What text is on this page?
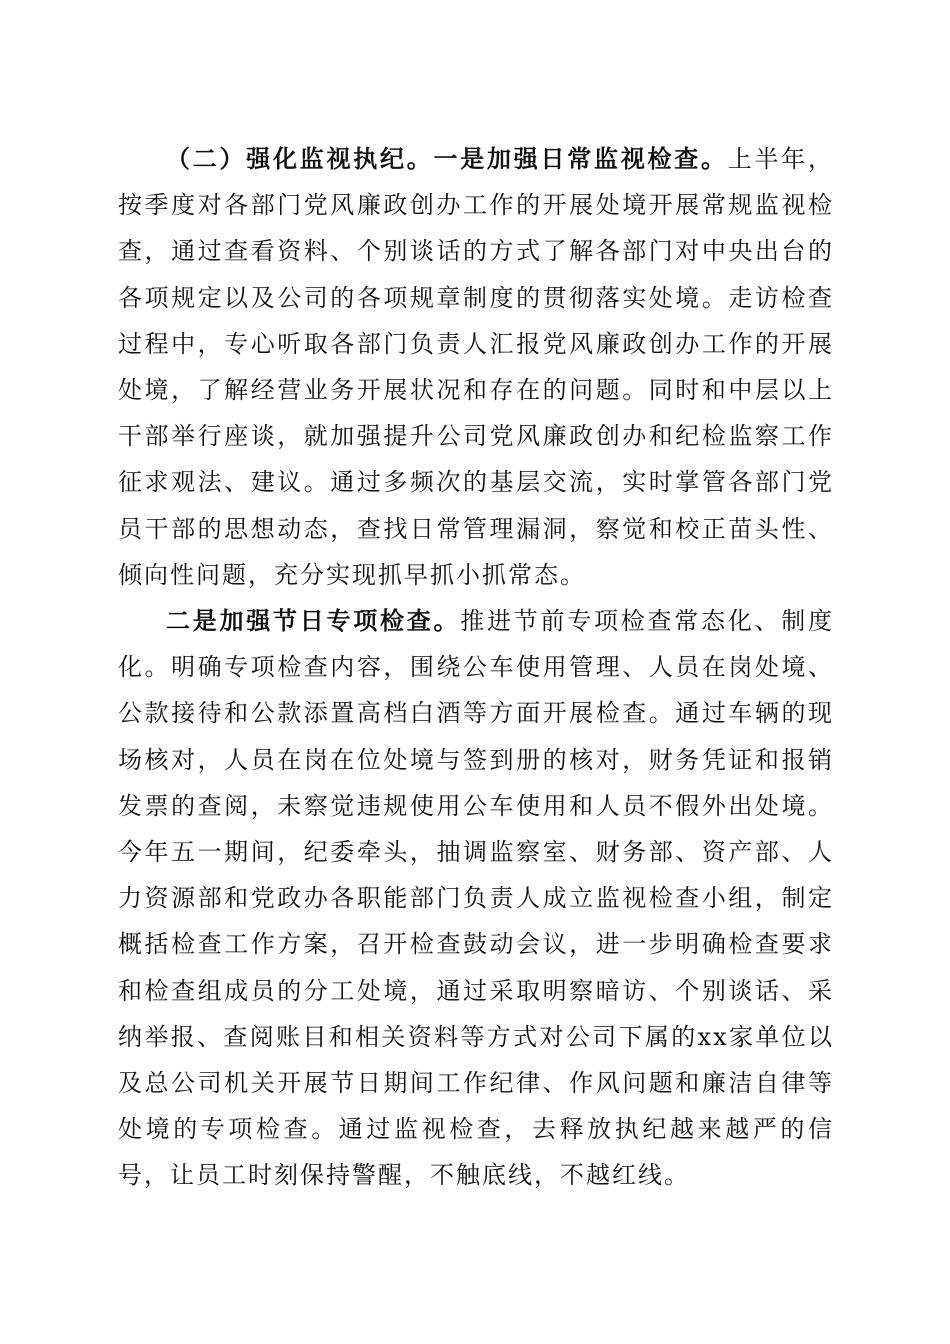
（二）强化监视执纪。一是加强日常监视检查。上半年，按季度对各部门党风廉政创办工作的开展处境开展常规监视检查，通过查看资料、个别谈话的方式了解各部门对中央出台的各项规定以及公司的各项规章制度的贯彻落实处境。走访检查过程中，专心听取各部门负责人汇报党风廉政创办工作的开展处境，了解经营业务开展状况和存在的问题。同时和中层以上干部举行座谈，就加强提升公司党风廉政创办和纪检监察工作征求观法、建议。通过多频次的基层交流，实时掌管各部门党员干部的思想动态，查找日常管理漏洞，察觉和校正苗头性、倾向性问题，充分实现抓早抓小抓常态。

二是加强节日专项检查。推进节前专项检查常态化、制度化。明确专项检查内容，围绕公车使用管理、人员在岗处境、公款接待和公款添置高档白酒等方面开展检查。通过车辆的现场核对，人员在岗在位处境与签到册的核对，财务凭证和报销发票的查阅，未察觉违规使用公车使用和人员不假外出处境。今年五一期间，纪委牵头，抽调监察室、财务部、资产部、人力资源部和党政办各职能部门负责人成立监视检查小组，制定概括检查工作方案，召开检查鼓动会议，进一步明确检查要求和检查组成员的分工处境，通过采取明察暗访、个别谈话、采纳举报、查阅账目和相关资料等方式对公司下属的xx家单位以及总公司机关开展节日期间工作纪律、作风问题和廉洁自律等处境的专项检查。通过监视检查，去释放执纪越来越严的信号，让员工时刻保持警醒，不触底线，不越红线。
